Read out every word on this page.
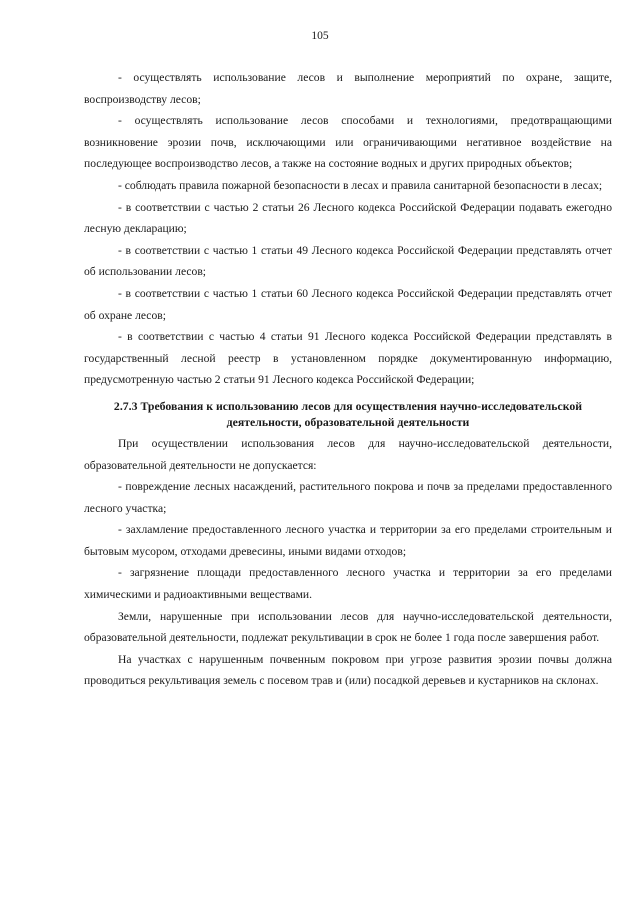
105

- осуществлять использование лесов и выполнение мероприятий по охране, защите, воспроизводству лесов;

- осуществлять использование лесов способами и технологиями, предотвращающими возникновение эрозии почв, исключающими или ограничивающими негативное воздействие на последующее воспроизводство лесов, а также на состояние водных и других природных объектов;

- соблюдать правила пожарной безопасности в лесах и правила санитарной безопасности в лесах;

- в соответствии с частью 2 статьи 26 Лесного кодекса Российской Федерации подавать ежегодно лесную декларацию;

- в соответствии с частью 1 статьи 49 Лесного кодекса Российской Федерации представлять отчет об использовании лесов;

- в соответствии с частью 1 статьи 60 Лесного кодекса Российской Федерации представлять отчет об охране лесов;

- в соответствии с частью 4 статьи 91 Лесного кодекса Российской Федерации представлять в государственный лесной реестр в установленном порядке документированную информацию, предусмотренную частью 2 статьи 91 Лесного кодекса Российской Федерации;

2.7.3 Требования к использованию лесов для осуществления научно-исследовательской
деятельности, образовательной деятельности

При осуществлении использования лесов для научно-исследовательской деятельности, образовательной деятельности не допускается:

- повреждение лесных насаждений, растительного покрова и почв за пределами предоставленного лесного участка;

- захламление предоставленного лесного участка и территории за его пределами строительным и бытовым мусором, отходами древесины, иными видами отходов;

- загрязнение площади предоставленного лесного участка и территории за его пределами химическими и радиоактивными веществами.

Земли, нарушенные при использовании лесов для научно-исследовательской деятельности, образовательной деятельности, подлежат рекультивации в срок не более 1 года после завершения работ.

На участках с нарушенным почвенным покровом при угрозе развития эрозии почвы должна проводиться рекультивация земель с посевом трав и (или) посадкой деревьев и кустарников на склонах.
